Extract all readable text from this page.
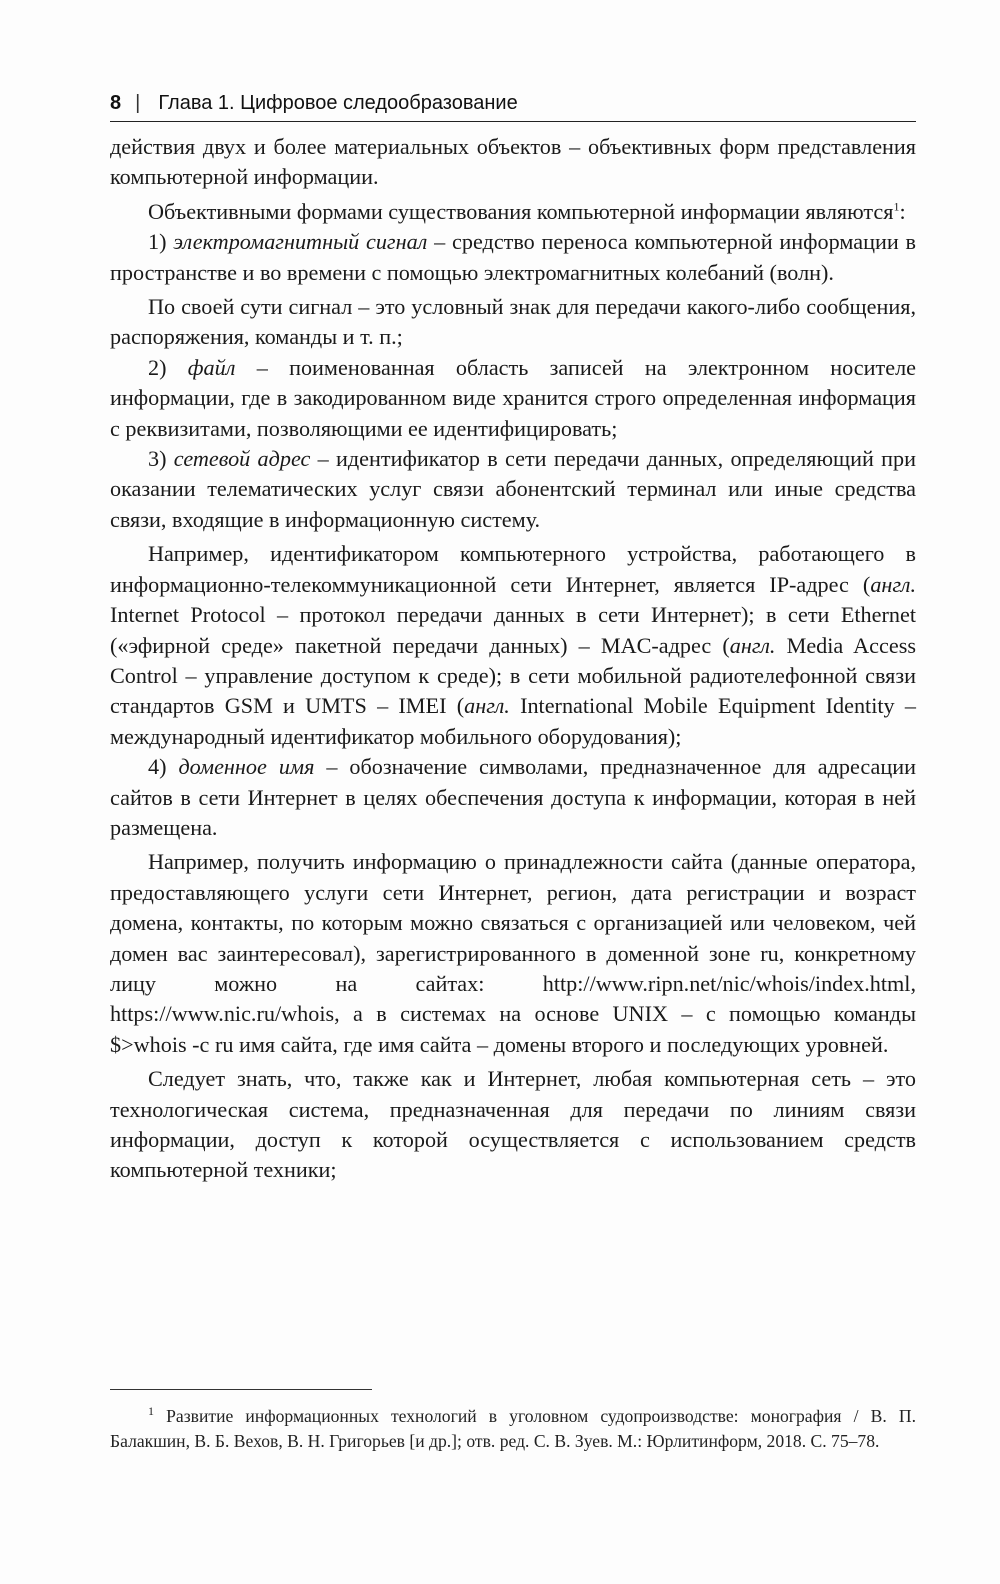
8 | Глава 1. Цифровое следообразование

действия двух и более материальных объектов – объективных форм представления компьютерной информации.

Объективными формами существования компьютерной информации являются$^1$:

1) электромагнитный сигнал – средство переноса компьютерной информации в пространстве и во времени с помощью электромагнитных колебаний (волн).

По своей сути сигнал – это условный знак для передачи какого-либо сообщения, распоряжения, команды и т. п.;

2) файл – поименованная область записей на электронном носителе информации, где в закодированном виде хранится строго определенная информация с реквизитами, позволяющими ее идентифицировать;

3) сетевой адрес – идентификатор в сети передачи данных, определяющий при оказании телематических услуг связи абонентский терминал или иные средства связи, входящие в информационную систему.

Например, идентификатором компьютерного устройства, работающего в информационно-телекоммуникационной сети Интернет, является IP-адрес (англ. Internet Protocol – протокол передачи данных в сети Интернет); в сети Ethernet («эфирной среде» пакетной передачи данных) – MAC-адрес (англ. Media Access Control – управление доступом к среде); в сети мобильной радиотелефонной связи стандартов GSM и UMTS – IMEI (англ. International Mobile Equipment Identity – международный идентификатор мобильного оборудования);

4) доменное имя – обозначение символами, предназначенное для адресации сайтов в сети Интернет в целях обеспечения доступа к информации, которая в ней размещена.

Например, получить информацию о принадлежности сайта (данные оператора, предоставляющего услуги сети Интернет, регион, дата регистрации и возраст домена, контакты, по которым можно связаться с организацией или человеком, чей домен вас заинтересовал), зарегистрированного в доменной зоне ru, конкретному лицу можно на сайтах: http://www.ripn.net/nic/whois/index.html, https://www.nic.ru/whois, а в системах на основе UNIX – с помощью команды $>whois -c ru имя сайта, где имя сайта – домены второго и последующих уровней.

Следует знать, что, также как и Интернет, любая компьютерная сеть – это технологическая система, предназначенная для передачи по линиям связи информации, доступ к которой осуществляется с использованием средств компьютерной техники;

$^1$ Развитие информационных технологий в уголовном судопроизводстве: монография / В. П. Балакшин, В. Б. Вехов, В. Н. Григорьев [и др.]; отв. ред. С. В. Зуев. М.: Юрлитинформ, 2018. С. 75–78.
